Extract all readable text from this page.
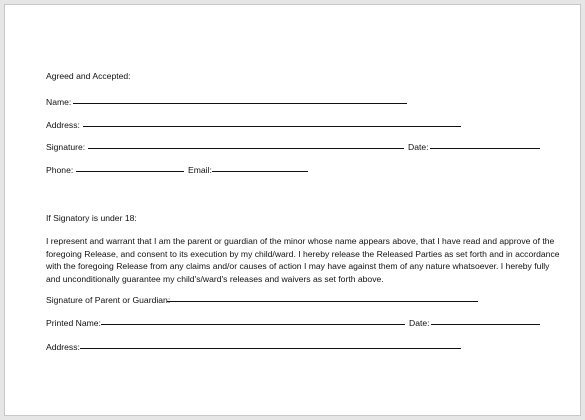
Agreed and Accepted:
Name:
Address:
Signature:	Date:
Phone:	Email:
If Signatory is under 18:
I represent and warrant that I am the parent or guardian of the minor whose name appears above, that I have read and approve of the
foregoing Release, and consent to its execution by my child/ward. I hereby release the Released Parties as set forth and in accordance
with the foregoing Release from any claims and/or causes of action I may have against them of any nature whatsoever. I hereby fully
and unconditionally guarantee my child's/ward's releases and waivers as set forth above.
Signature of Parent or Guardian:
Printed Name:	Date:
Address:
